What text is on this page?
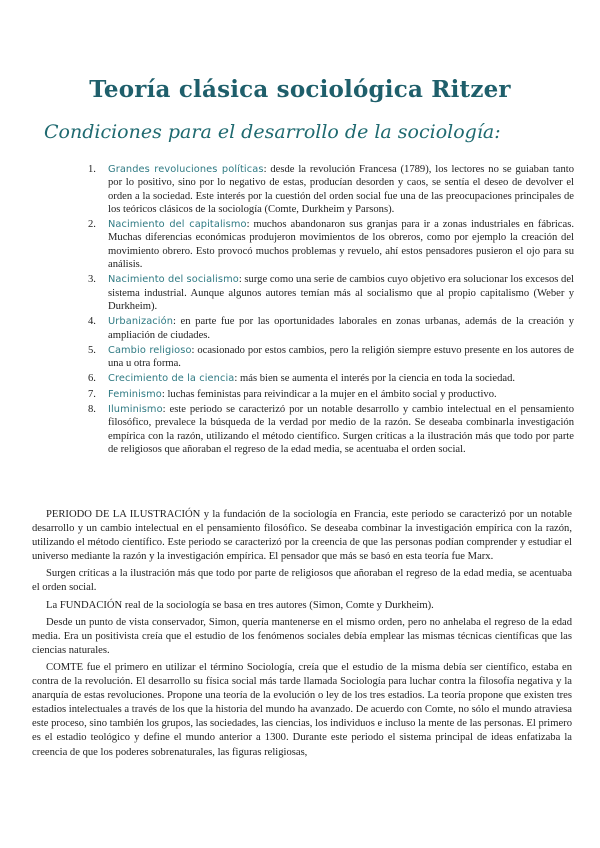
Teoría clásica sociológica Ritzer
Condiciones para el desarrollo de la sociología:
1. Grandes revoluciones políticas: desde la revolución Francesa (1789), los lectores no se guiaban tanto por lo positivo, sino por lo negativo de estas, producían desorden y caos, se sentía el deseo de devolver el orden a la sociedad. Este interés por la cuestión del orden social fue una de las preocupaciones principales de los teóricos clásicos de la sociología (Comte, Durkheim y Parsons).
2. Nacimiento del capitalismo: muchos abandonaron sus granjas para ir a zonas industriales en fábricas. Muchas diferencias económicas produjeron movimientos de los obreros, como por ejemplo la creación del movimiento obrero. Esto provocó muchos problemas y revuelo, ahí estos pensadores pusieron el ojo para su análisis.
3. Nacimiento del socialismo: surge como una serie de cambios cuyo objetivo era solucionar los excesos del sistema industrial. Aunque algunos autores temían más al socialismo que al propio capitalismo (Weber y Durkheim).
4. Urbanización: en parte fue por las oportunidades laborales en zonas urbanas, además de la creación y ampliación de ciudades.
5. Cambio religioso: ocasionado por estos cambios, pero la religión siempre estuvo presente en los autores de una u otra forma.
6. Crecimiento de la ciencia: más bien se aumenta el interés por la ciencia en toda la sociedad.
7. Feminismo: luchas feministas para reivindicar a la mujer en el ámbito social y productivo.
8. Iluminismo: este periodo se caracterizó por un notable desarrollo y cambio intelectual en el pensamiento filosófico, prevalece la búsqueda de la verdad por medio de la razón. Se deseaba combinarla investigación empírica con la razón, utilizando el método científico. Surgen críticas a la ilustración más que todo por parte de religiosos que añoraban el regreso de la edad media, se acentuaba el orden social.

PERIODO DE LA ILUSTRACIÓN y la fundación de la sociología en Francia, este periodo se caracterizó por un notable desarrollo y un cambio intelectual en el pensamiento filosófico. Se deseaba combinar la investigación empírica con la razón, utilizando el método científico. Este periodo se caracterizó por la creencia de que las personas podían comprender y estudiar el universo mediante la razón y la investigación empírica. El pensador que más se basó en esta teoría fue Marx.

Surgen críticas a la ilustración más que todo por parte de religiosos que añoraban el regreso de la edad media, se acentuaba el orden social.

La FUNDACIÓN real de la sociología se basa en tres autores (Simon, Comte y Durkheim).

Desde un punto de vista conservador, Simon, quería mantenerse en el mismo orden, pero no anhelaba el regreso de la edad media. Era un positivista creía que el estudio de los fenómenos sociales debía emplear las mismas técnicas científicas que las ciencias naturales.

COMTE fue el primero en utilizar el término Sociología, creía que el estudio de la misma debía ser científico, estaba en contra de la revolución. El desarrollo su física social más tarde llamada Sociología para luchar contra la filosofía negativa y la anarquía de estas revoluciones. Propone una teoría de la evolución o ley de los tres estadios. La teoría propone que existen tres estadios intelectuales a través de los que la historia del mundo ha avanzado. De acuerdo con Comte, no sólo el mundo atraviesa este proceso, sino también los grupos, las sociedades, las ciencias, los individuos e incluso la mente de las personas. El primero es el estadio teológico y define el mundo anterior a 1300. Durante este periodo el sistema principal de ideas enfatizaba la creencia de que los poderes sobrenaturales, las figuras religiosas,
